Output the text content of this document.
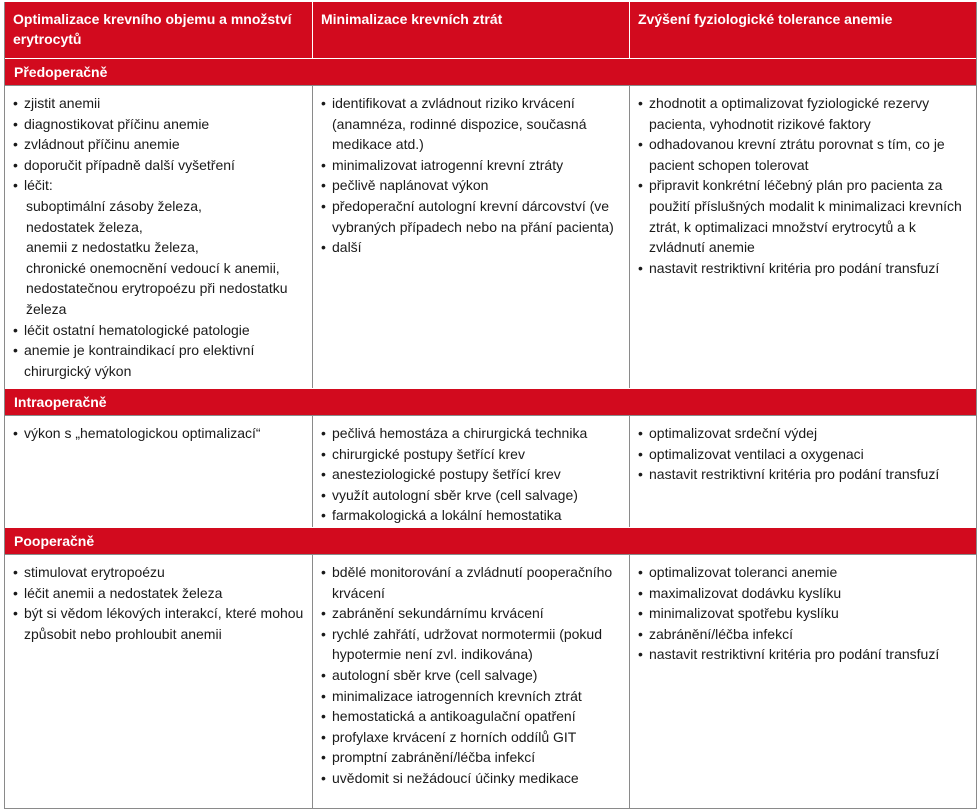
Optimalizace krevního objemu a množství erytrocytů
Minimalizace krevních ztrát	Zvýšení fyziologické tolerance anemie
Předoperačně
• zjistit anemii
• diagnostikovat příčinu anemie
• zvládnout příčinu anemie
• doporučit případně další vyšetření
• léčit:
suboptimální zásoby železa,
nedostatek železa,
anemii z nedostatku železa,
chronické onemocnění vedoucí k anemii,
nedostatečnou erytropoézu při nedostatku železa
• léčit ostatní hematologické patologie
• anemie je kontraindikací pro elektivní chirurgický výkon
• identifikovat a zvládnout riziko krvácení (anamnéza, rodinné dispozice, současná medikace atd.)
• minimalizovat iatrogenní krevní ztráty
• pečlivě naplánovat výkon
• předoperační autologní krevní dárcovství (ve vybraných případech nebo na přání pacienta)
• další
• zhodnotit a optimalizovat fyziologické rezervy pacienta, vyhodnotit rizikové faktory
• odhadovanou krevní ztrátu porovnat s tím, co je pacient schopen tolerovat
• připravit konkrétní léčebný plán pro pacienta za použití příslušných modalit k minimalizaci krevních ztrát, k optimalizaci množství erytrocytů a k zvládnutí anemie
• nastavit restriktivní kritéria pro podání transfuzí
Intraoperačně
• výkon s „hematologickou optimalizací“
•	pečlivá hemostáza a chirurgická technika
• chirurgické postupy šetřící krev
• anesteziologické postupy šetřící krev
• využít autologní sběr krve (cell salvage)
• farmakologická a lokální hemostatika
• optimalizovat srdeční výdej
• optimalizovat ventilaci a oxygenaci
• nastavit restriktivní kritéria pro podání transfuzí
Pooperačně
• stimulovat erytropoézu
• léčit anemii a nedostatek železa
• být si vědom lékových interakcí, které mohou způsobit nebo prohloubit anemii
• bdělé monitorování a zvládnutí pooperačního krvácení
• zabránění sekundárnímu krvácení
• rychlé zahřátí, udržovat normotermii (pokud hypotermie není zvl. indikována)
• autologní sběr krve (cell salvage)
• minimalizace iatrogenních krevních ztrát
• hemostatická a antikoagulační opatření
• profylaxe krvácení z horních oddílů GIT
• promptní zabránění/léčba infekcí
• uvědomit si nežádoucí účinky medikace
• optimalizovat toleranci anemie
• maximalizovat dodávku kyslíku
• minimalizovat spotřebu kyslíku
• zabránění/léčba infekcí
• nastavit restriktivní kritéria pro podání transfuzí
